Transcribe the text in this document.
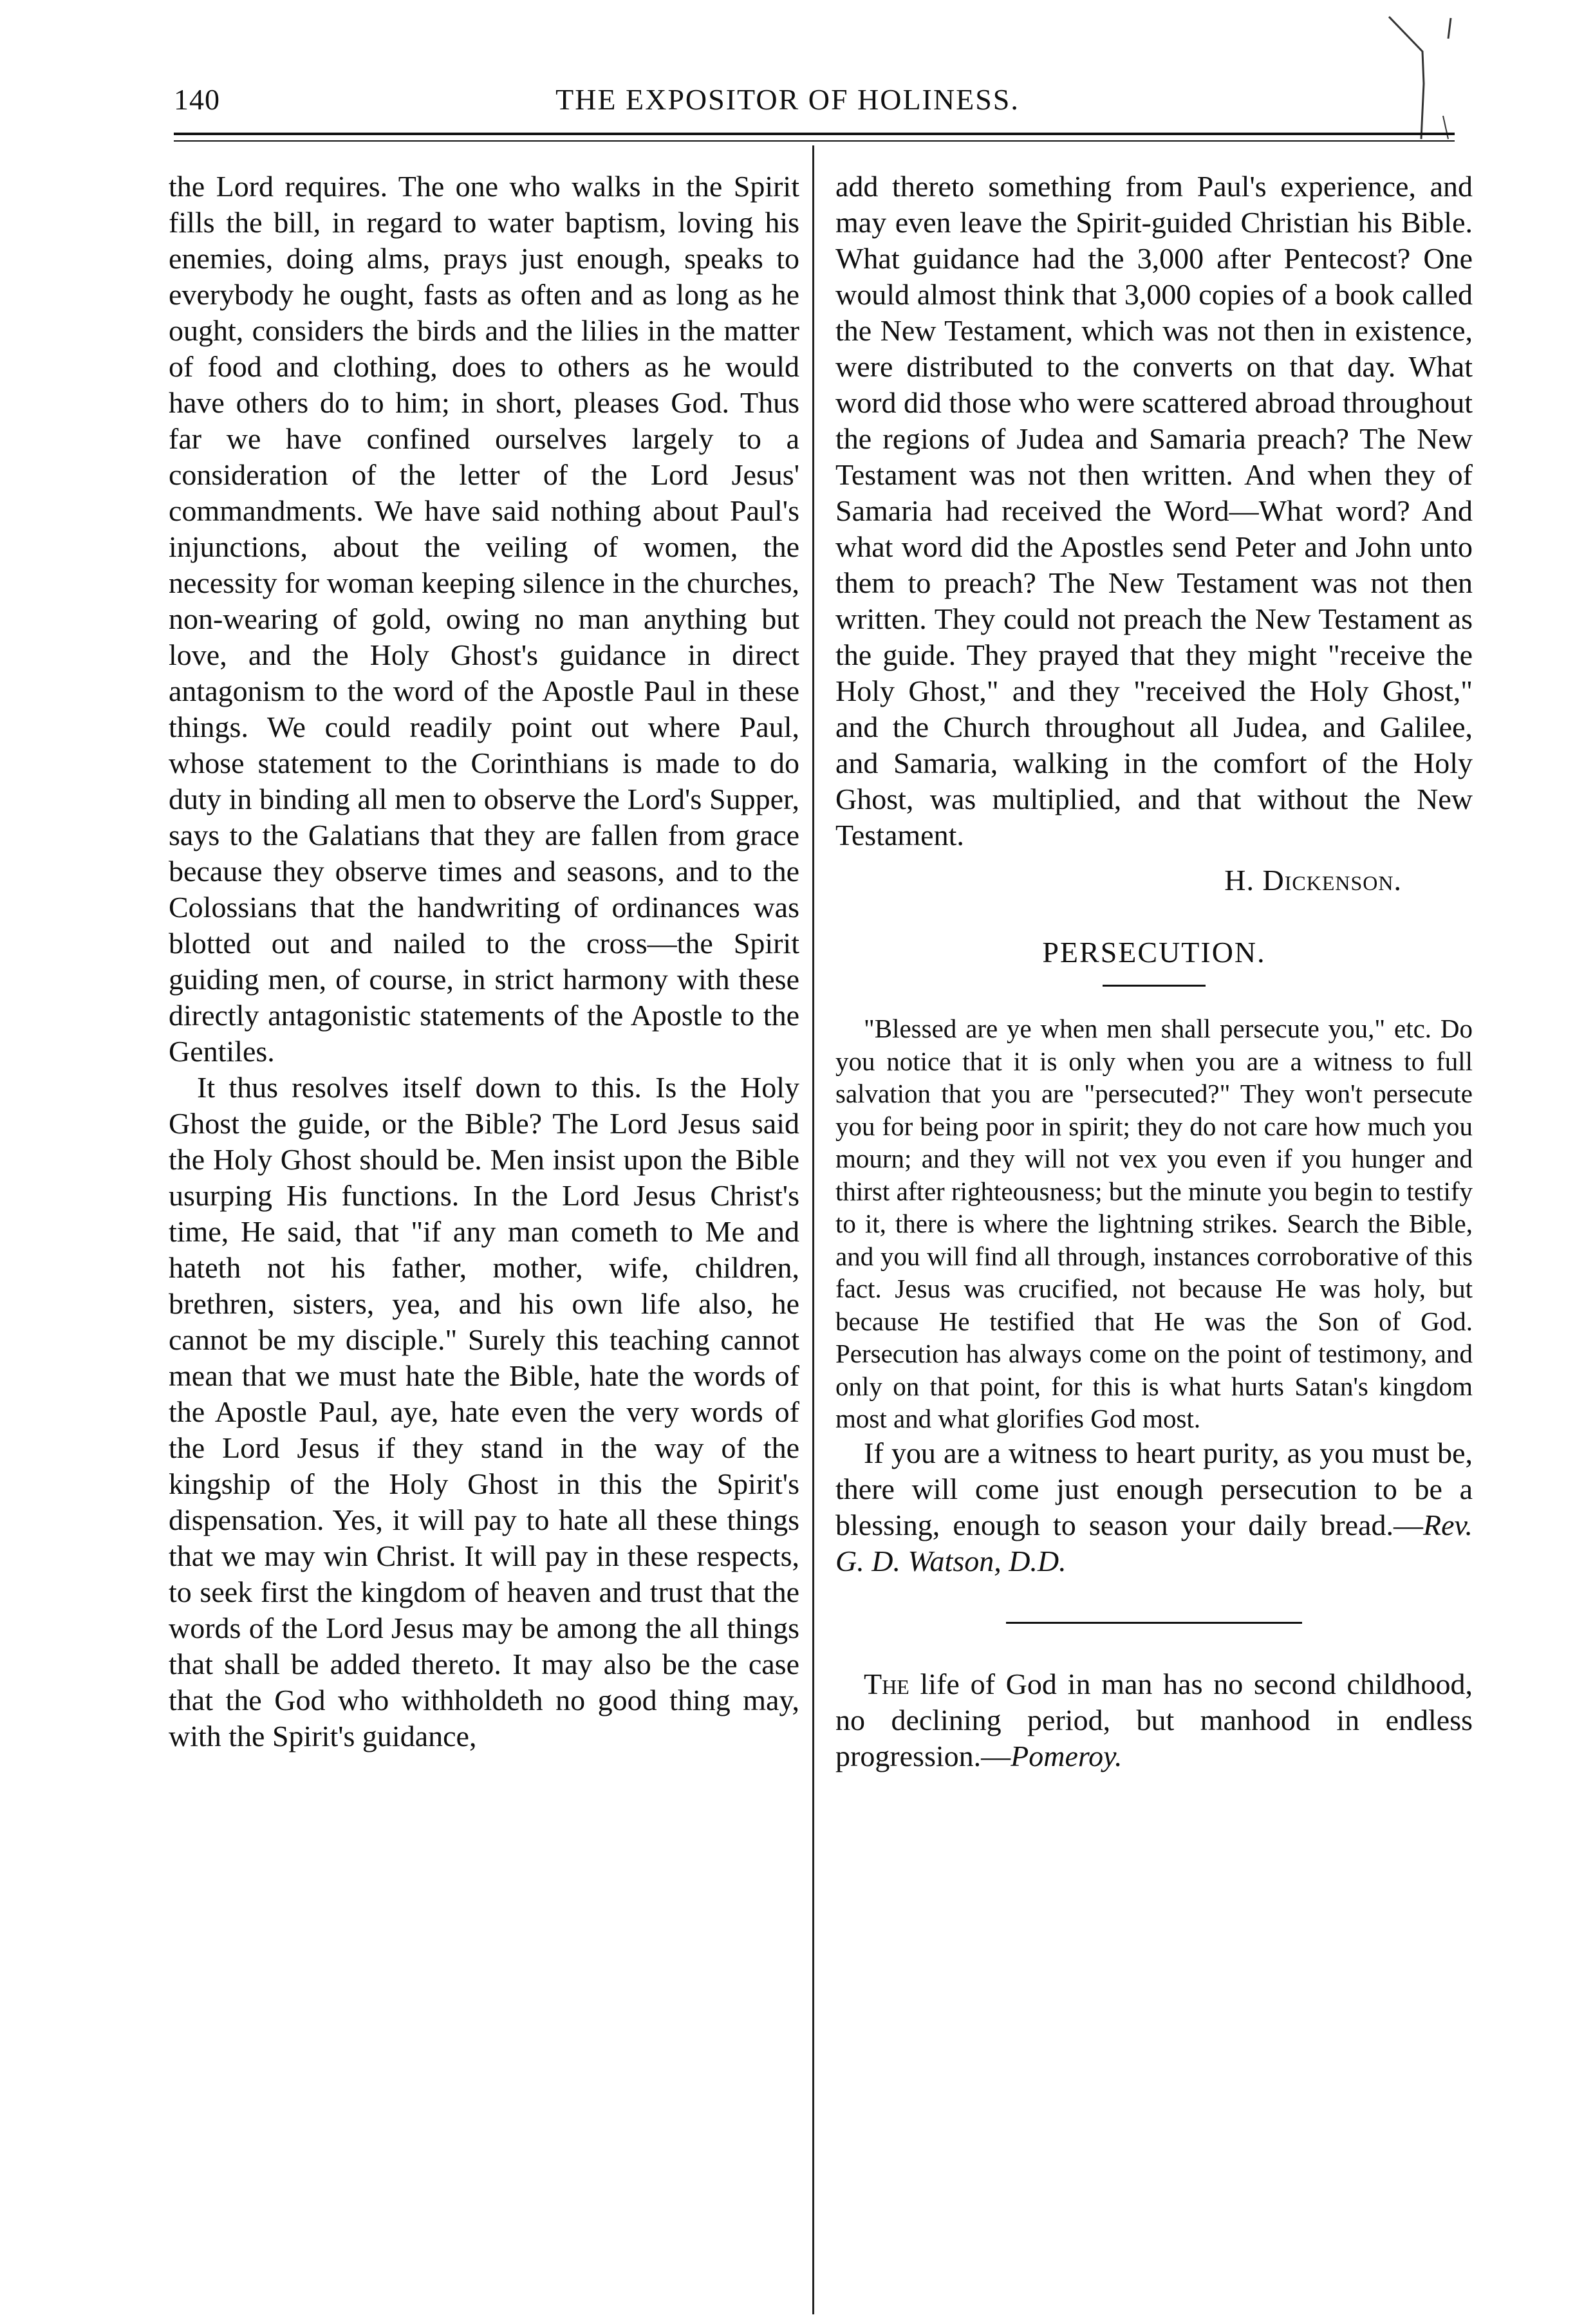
140	THE EXPOSITOR OF HOLINESS.

the Lord requires. The one who walks in the Spirit fills the bill, in regard to water baptism, loving his enemies, doing alms, prays just enough, speaks to everybody he ought, fasts as often and as long as he ought, considers the birds and the lilies in the matter of food and clothing, does to others as he would have others do to him; in short, pleases God. Thus far we have confined ourselves largely to a consideration of the letter of the Lord Jesus' commandments. We have said nothing about Paul's injunctions, about the veiling of women, the necessity for woman keeping silence in the churches, non-wearing of gold, owing no man anything but love, and the Holy Ghost's guidance in direct antagonism to the word of the Apostle Paul in these things. We could readily point out where Paul, whose statement to the Corinthians is made to do duty in binding all men to observe the Lord's Supper, says to the Galatians that they are fallen from grace because they observe times and seasons, and to the Colossians that the handwriting of ordinances was blotted out and nailed to the cross—the Spirit guiding men, of course, in strict harmony with these directly antagonistic statements of the Apostle to the Gentiles.

It thus resolves itself down to this. Is the Holy Ghost the guide, or the Bible? The Lord Jesus said the Holy Ghost should be. Men insist upon the Bible usurping His functions. In the Lord Jesus Christ's time, He said, that "if any man cometh to Me and hateth not his father, mother, wife, children, brethren, sisters, yea, and his own life also, he cannot be my disciple." Surely this teaching cannot mean that we must hate the Bible, hate the words of the Apostle Paul, aye, hate even the very words of the Lord Jesus if they stand in the way of the kingship of the Holy Ghost in this the Spirit's dispensation. Yes, it will pay to hate all these things that we may win Christ. It will pay in these respects, to seek first the kingdom of heaven and trust that the words of the Lord Jesus may be among the all things that shall be added thereto. It may also be the case that the God who withholdeth no good thing may, with the Spirit's guidance,

add thereto something from Paul's experience, and may even leave the Spirit-guided Christian his Bible. What guidance had the 3,000 after Pentecost? One would almost think that 3,000 copies of a book called the New Testament, which was not then in existence, were distributed to the converts on that day. What word did those who were scattered abroad throughout the regions of Judea and Samaria preach? The New Testament was not then written. And when they of Samaria had received the Word—What word? And what word did the Apostles send Peter and John unto them to preach? The New Testament was not then written. They could not preach the New Testament as the guide. They prayed that they might "receive the Holy Ghost," and they "received the Holy Ghost," and the Church throughout all Judea, and Galilee, and Samaria, walking in the comfort of the Holy Ghost, was multiplied, and that without the New Testament.

H. Dickenson.
PERSECUTION.

"Blessed are ye when men shall persecute you," etc. Do you notice that it is only when you are a witness to full salvation that you are "persecuted?" They won't persecute you for being poor in spirit; they do not care how much you mourn; and they will not vex you even if you hunger and thirst after righteousness; but the minute you begin to testify to it, there is where the lightning strikes. Search the Bible, and you will find all through, instances corroborative of this fact. Jesus was crucified, not because He was holy, but because He testified that He was the Son of God. Persecution has always come on the point of testimony, and only on that point, for this is what hurts Satan's kingdom most and what glorifies God most.

If you are a witness to heart purity, as you must be, there will come just enough persecution to be a blessing, enough to season your daily bread.—Rev. G. D. Watson, D.D.

The life of God in man has no second childhood, no declining period, but manhood in endless progression.—Pomeroy.
